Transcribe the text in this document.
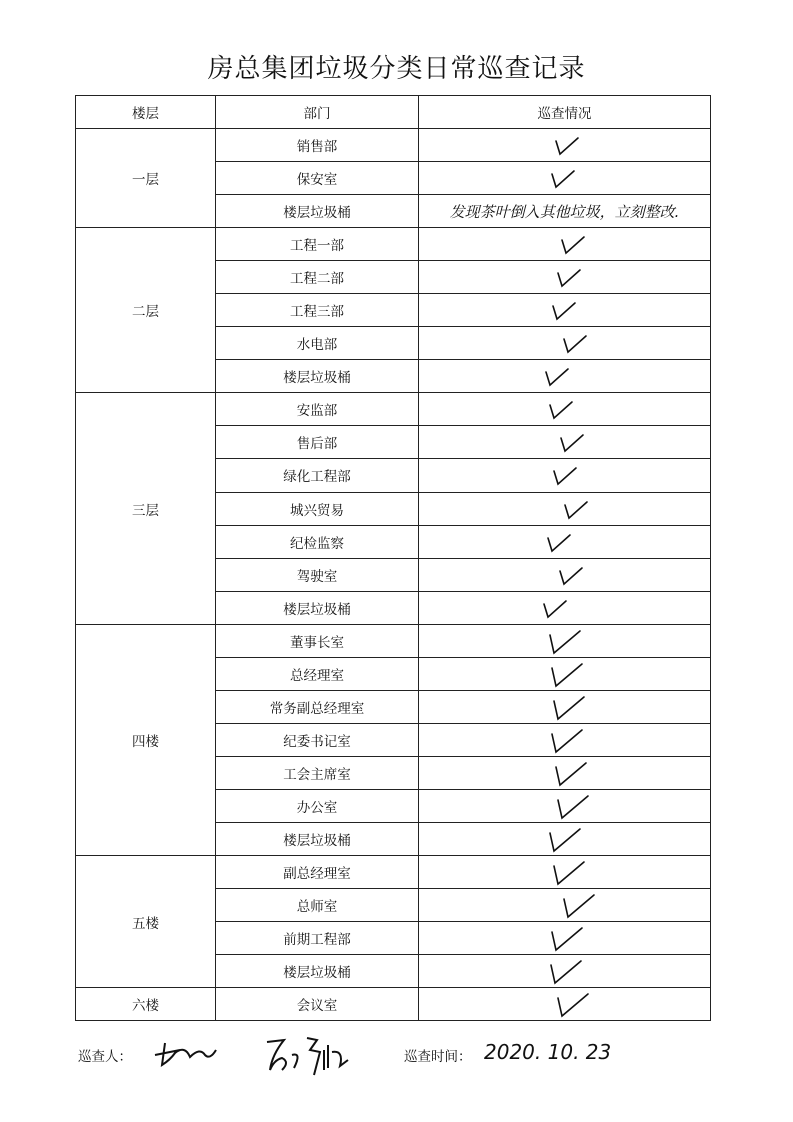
房总集团垃圾分类日常巡查记录
楼层	部门	巡查情况
一层	销售部	

	保安室	

	楼层垃圾桶	发现茶叶倒入其他垃圾，立刻整改.
二层	工程一部	

	工程二部	

	工程三部	

	水电部	

	楼层垃圾桶	

三层	安监部	

	售后部	

	绿化工程部	

	城兴贸易	

	纪检监察	

	驾驶室	

	楼层垃圾桶	

四楼	董事长室	

	总经理室	

	常务副总经理室	

	纪委书记室	

	工会主席室	

	办公室	

	楼层垃圾桶	

五楼	副总经理室	

	总师室	

	前期工程部	

	楼层垃圾桶	

六楼	会议室	
巡查人：	巡查时间： 2020. 10. 23
